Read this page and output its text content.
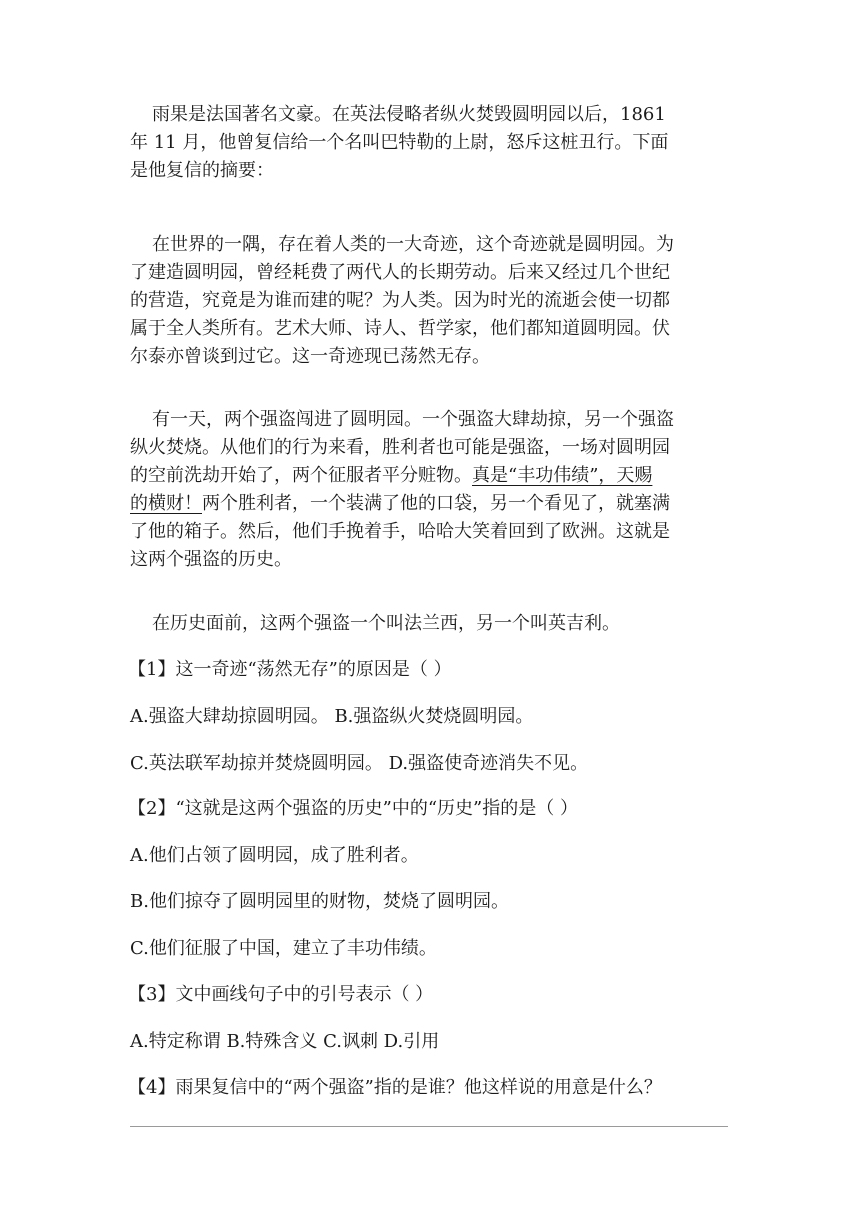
雨果是法国著名文豪。在英法侵略者纵火焚毁圆明园以后，1861
年 11 月，他曾复信给一个名叫巴特勒的上尉，怒斥这桩丑行。下面
是他复信的摘要：
在世界的一隅，存在着人类的一大奇迹，这个奇迹就是圆明园。为
了建造圆明园，曾经耗费了两代人的长期劳动。后来又经过几个世纪
的营造，究竟是为谁而建的呢？为人类。因为时光的流逝会使一切都
属于全人类所有。艺术大师、诗人、哲学家，他们都知道圆明园。伏
尔泰亦曾谈到过它。这一奇迹现已荡然无存。
有一天，两个强盗闯进了圆明园。一个强盗大肆劫掠，另一个强盗
纵火焚烧。从他们的行为来看，胜利者也可能是强盗，一场对圆明园
的空前洗劫开始了，两个征服者平分赃物。真是“丰功伟绩”，天赐
的横财！两个胜利者，一个装满了他的口袋，另一个看见了，就塞满
了他的箱子。然后，他们手挽着手，哈哈大笑着回到了欧洲。这就是
这两个强盗的历史。
在历史面前，这两个强盗一个叫法兰西，另一个叫英吉利。
【1】这一奇迹“荡然无存”的原因是（ ）
A.强盗大肆劫掠圆明园。 B.强盗纵火焚烧圆明园。
C.英法联军劫掠并焚烧圆明园。 D.强盗使奇迹消失不见。
【2】“这就是这两个强盗的历史”中的“历史”指的是（ ）
A.他们占领了圆明园，成了胜利者。
B.他们掠夺了圆明园里的财物，焚烧了圆明园。
C.他们征服了中国，建立了丰功伟绩。
【3】文中画线句子中的引号表示（ ）
A.特定称谓 B.特殊含义 C.讽刺 D.引用
【4】雨果复信中的“两个强盗”指的是谁？他这样说的用意是什么？
